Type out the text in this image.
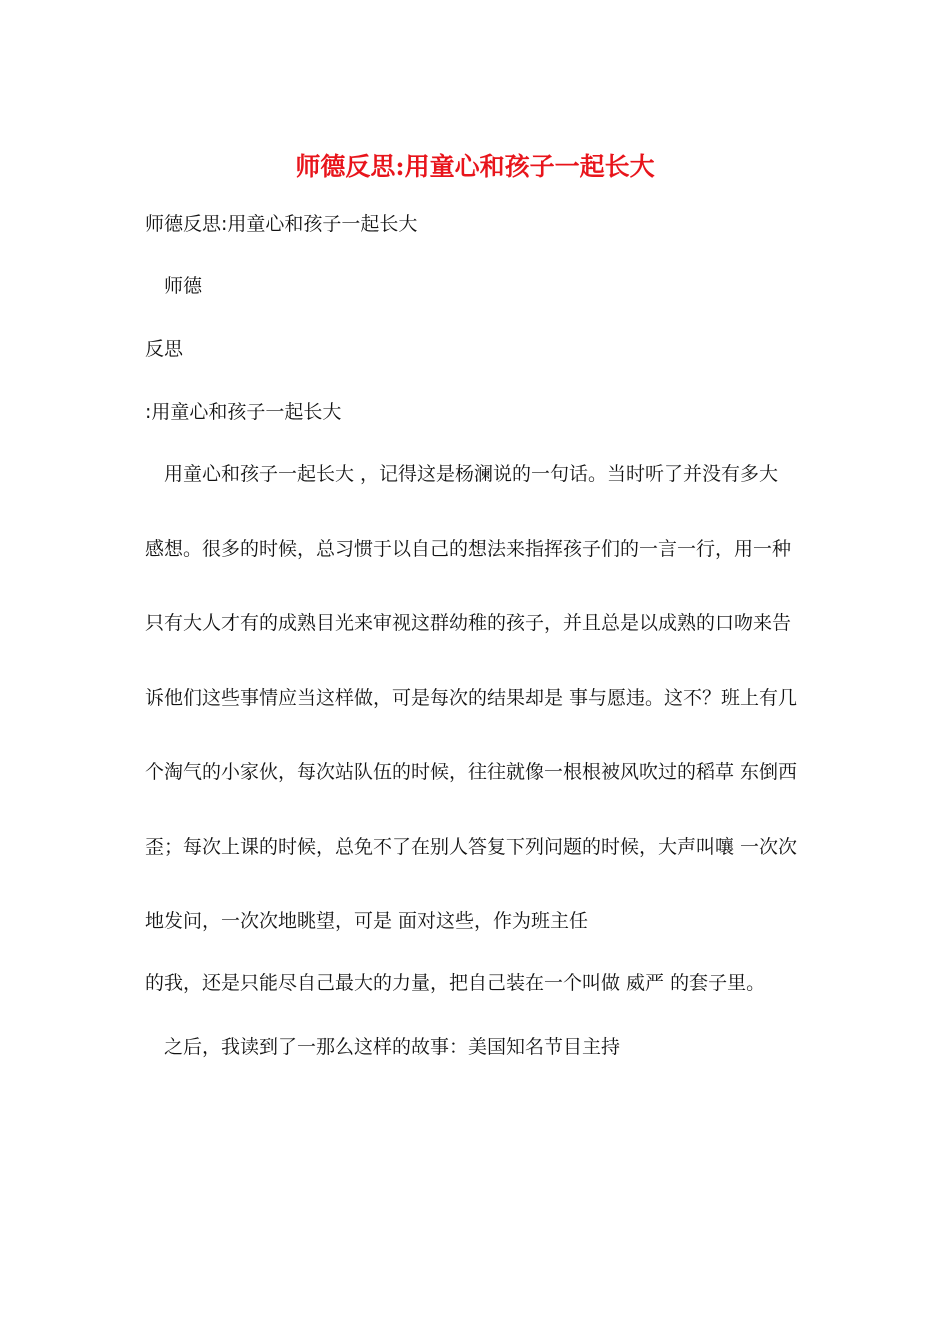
师德反思:用童心和孩子一起长大
师德反思:用童心和孩子一起长大
　师德
反思
:用童心和孩子一起长大
　用童心和孩子一起长大 ，记得这是杨澜说的一句话。当时听了并没有多大
感想。很多的时候，总习惯于以自己的想法来指挥孩子们的一言一行，用一种
只有大人才有的成熟目光来审视这群幼稚的孩子，并且总是以成熟的口吻来告
诉他们这些事情应当这样做，可是每次的结果却是 事与愿违。这不？班上有几
个淘气的小家伙，每次站队伍的时候，往往就像一根根被风吹过的稻草 东倒西
歪；每次上课的时候，总免不了在别人答复下列问题的时候，大声叫嚷 一次次
地发问，一次次地眺望，可是 面对这些，作为班主任
的我，还是只能尽自己最大的力量，把自己装在一个叫做 威严 的套子里。
　之后，我读到了一那么这样的故事：美国知名节目主持
